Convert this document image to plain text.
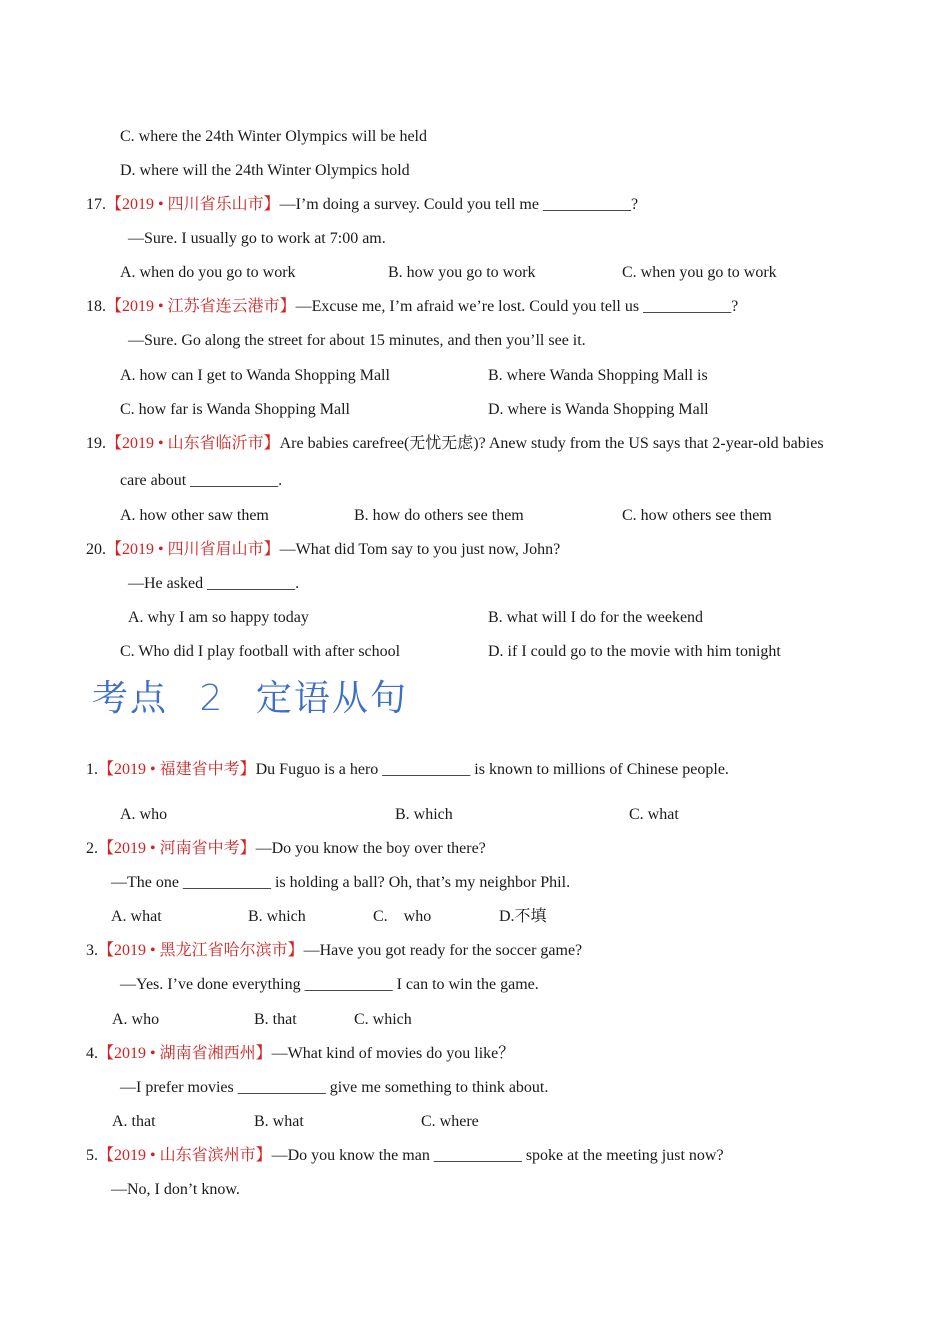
C. where the 24th Winter Olympics will be held
D. where will the 24th Winter Olympics hold
17.【2019 • 四川省乐山市】—I’m doing a survey. Could you tell me ___________?
—Sure. I usually go to work at 7:00 am.
A. when do you go to work	B. how you go to work	C. when you go to work
18.【2019 • 江苏省连云港市】—Excuse me, I’m afraid we’re lost. Could you tell us ___________?
—Sure. Go along the street for about 15 minutes, and then you’ll see it.
A. how can I get to Wanda Shopping Mall	B. where Wanda Shopping Mall is
C. how far is Wanda Shopping Mall	D. where is Wanda Shopping Mall
19.【2019 • 山东省临沂市】Are babies carefree(无忧无虑)? Anew study from the US says that 2-year-old babies
care about ___________.
A. how other saw them	B. how do others see them	C. how others see them
20.【2019 • 四川省眉山市】—What did Tom say to you just now, John?
—He asked ___________.
A. why I am so happy today	B. what will I do for the weekend
C. Who did I play football with after school	D. if I could go to the movie with him tonight
考点 2 定语从句
1.【2019 • 福建省中考】Du Fuguo is a hero ___________ is known to millions of Chinese people.
A. who	B. which	C. what
2.【2019 • 河南省中考】—Do you know the boy over there?
—The one ___________ is holding a ball? Oh, that’s my neighbor Phil.
A. what	B. which	C.    who	D.不填
3.【2019 • 黑龙江省哈尔滨市】—Have you got ready for the soccer game?
—Yes. I’ve done everything ___________ I can to win the game.
A. who	B. that	C. which
4.【2019 • 湖南省湘西州】—What kind of movies do you like？
—I prefer movies ___________ give me something to think about.
A. that	B. what	C. where
5.【2019 • 山东省滨州市】—Do you know the man ___________ spoke at the meeting just now?
—No, I don’t know.
